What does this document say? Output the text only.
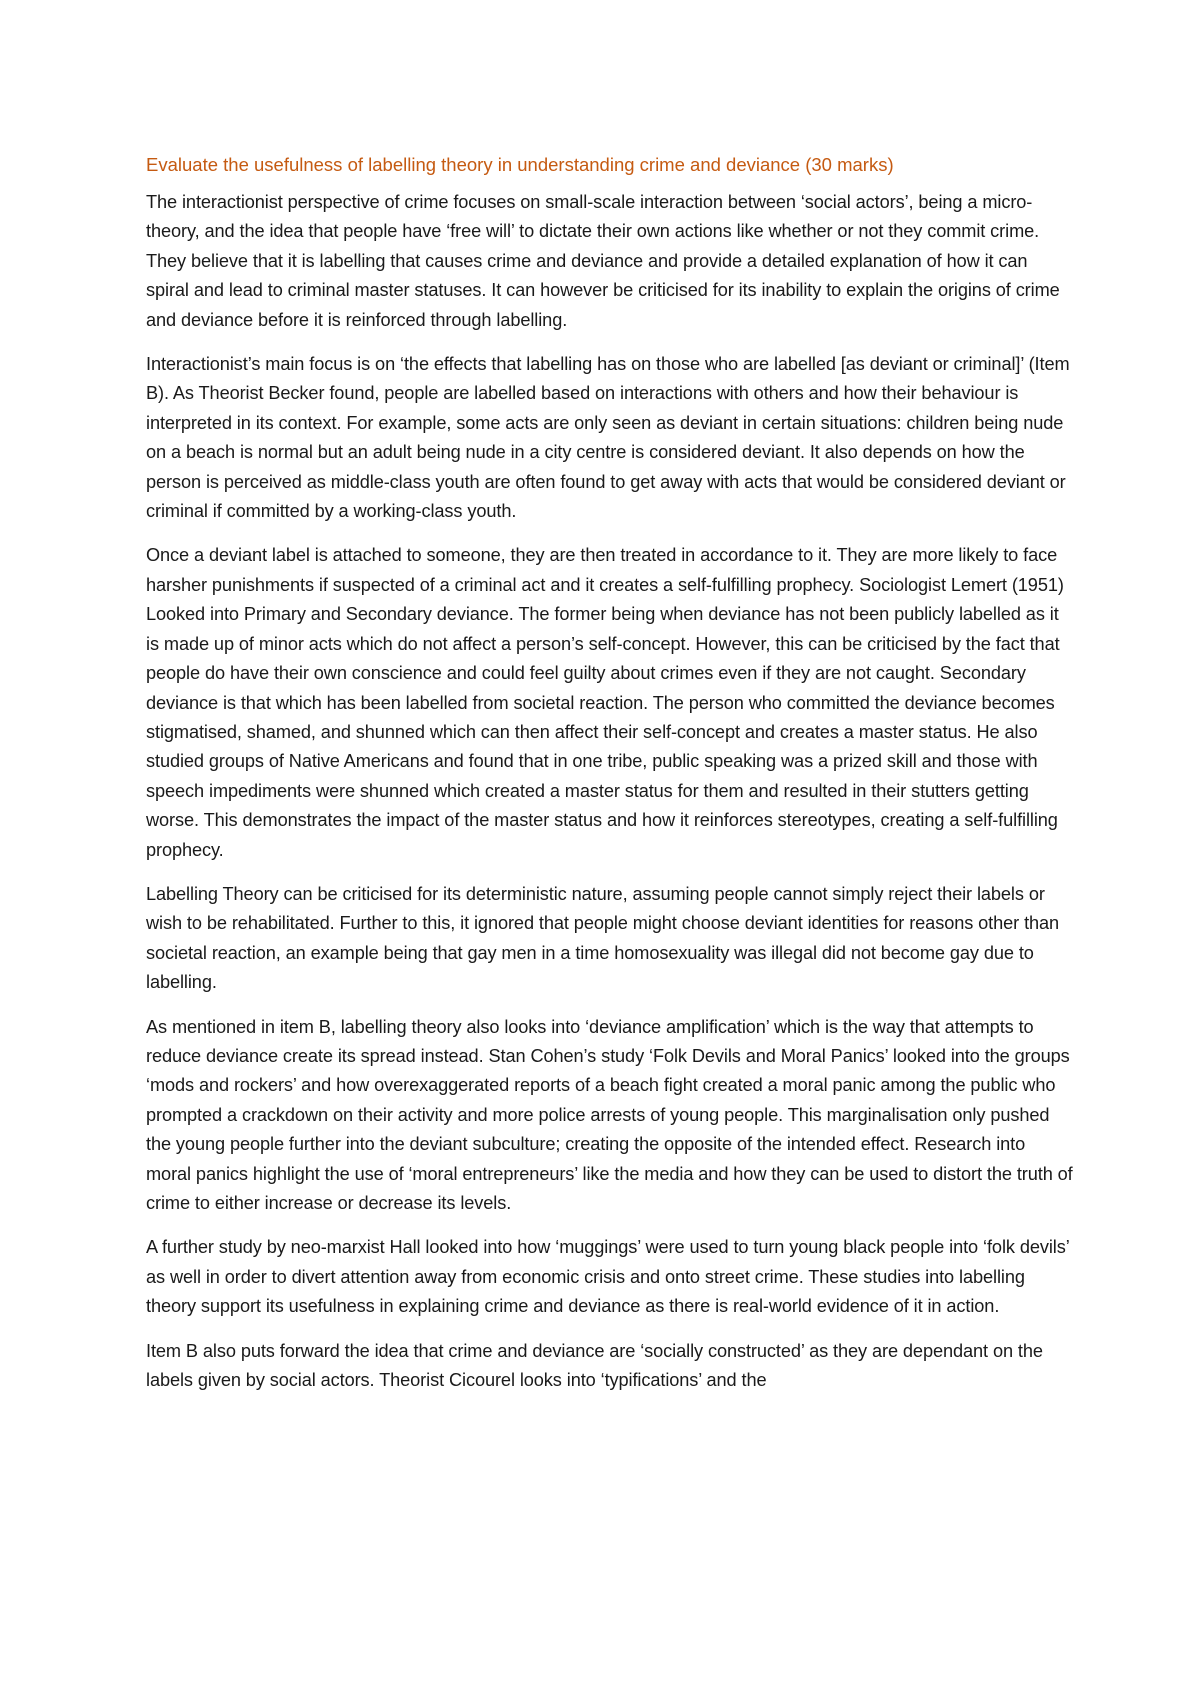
Evaluate the usefulness of labelling theory in understanding crime and deviance (30 marks)

The interactionist perspective of crime focuses on small-scale interaction between ‘social actors’, being a micro-theory, and the idea that people have ‘free will’ to dictate their own actions like whether or not they commit crime. They believe that it is labelling that causes crime and deviance and provide a detailed explanation of how it can spiral and lead to criminal master statuses. It can however be criticised for its inability to explain the origins of crime and deviance before it is reinforced through labelling.

Interactionist’s main focus is on ‘the effects that labelling has on those who are labelled [as deviant or criminal]’ (Item B). As Theorist Becker found, people are labelled based on interactions with others and how their behaviour is interpreted in its context. For example, some acts are only seen as deviant in certain situations: children being nude on a beach is normal but an adult being nude in a city centre is considered deviant. It also depends on how the person is perceived as middle-class youth are often found to get away with acts that would be considered deviant or criminal if committed by a working-class youth.

Once a deviant label is attached to someone, they are then treated in accordance to it. They are more likely to face harsher punishments if suspected of a criminal act and it creates a self-fulfilling prophecy. Sociologist Lemert (1951) Looked into Primary and Secondary deviance. The former being when deviance has not been publicly labelled as it is made up of minor acts which do not affect a person’s self-concept. However, this can be criticised by the fact that people do have their own conscience and could feel guilty about crimes even if they are not caught. Secondary deviance is that which has been labelled from societal reaction. The person who committed the deviance becomes stigmatised, shamed, and shunned which can then affect their self-concept and creates a master status. He also studied groups of Native Americans and found that in one tribe, public speaking was a prized skill and those with speech impediments were shunned which created a master status for them and resulted in their stutters getting worse. This demonstrates the impact of the master status and how it reinforces stereotypes, creating a self-fulfilling prophecy.

Labelling Theory can be criticised for its deterministic nature, assuming people cannot simply reject their labels or wish to be rehabilitated. Further to this, it ignored that people might choose deviant identities for reasons other than societal reaction, an example being that gay men in a time homosexuality was illegal did not become gay due to labelling.

As mentioned in item B, labelling theory also looks into ‘deviance amplification’ which is the way that attempts to reduce deviance create its spread instead. Stan Cohen’s study ‘Folk Devils and Moral Panics’ looked into the groups ‘mods and rockers’ and how overexaggerated reports of a beach fight created a moral panic among the public who prompted a crackdown on their activity and more police arrests of young people. This marginalisation only pushed the young people further into the deviant subculture; creating the opposite of the intended effect. Research into moral panics highlight the use of ‘moral entrepreneurs’ like the media and how they can be used to distort the truth of crime to either increase or decrease its levels.

A further study by neo-marxist Hall looked into how ‘muggings’ were used to turn young black people into ‘folk devils’ as well in order to divert attention away from economic crisis and onto street crime. These studies into labelling theory support its usefulness in explaining crime and deviance as there is real-world evidence of it in action.

Item B also puts forward the idea that crime and deviance are ‘socially constructed’ as they are dependant on the labels given by social actors. Theorist Cicourel looks into ‘typifications’ and the
